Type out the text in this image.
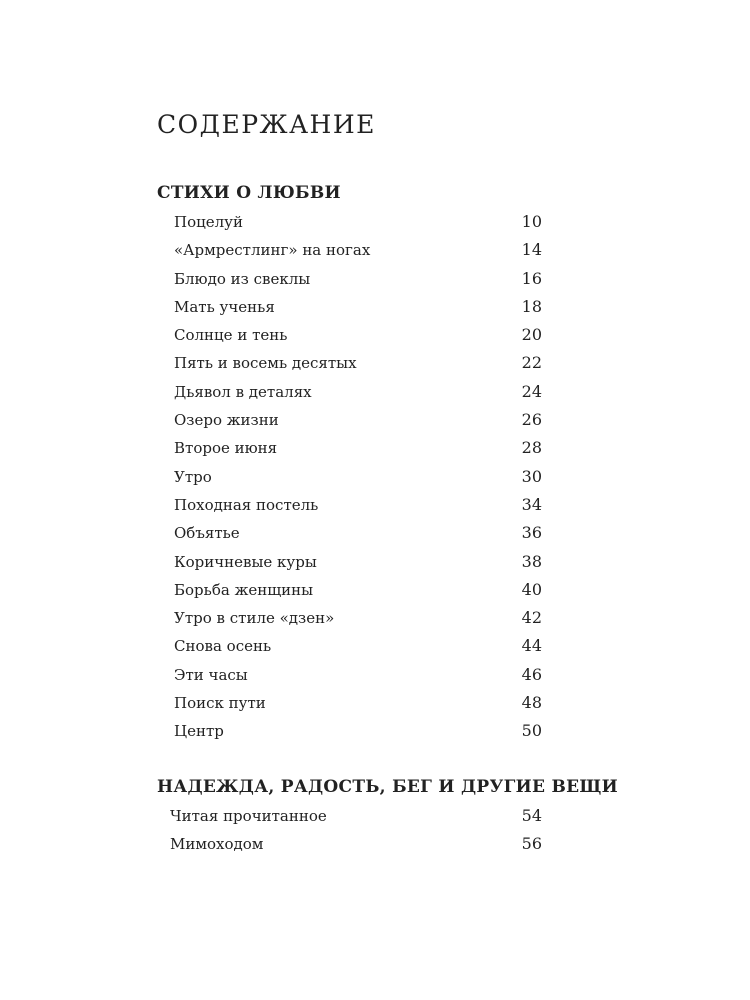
СОДЕРЖАНИЕ
СТИХИ О ЛЮБВИ
Поцелуй	10
«Армрестлинг» на ногах	14
Блюдо из свеклы	16
Мать ученья	18
Солнце и тень	20
Пять и восемь десятых	22
Дьявол в деталях	24
Озеро жизни	26
Второе июня	28
Утро	30
Походная постель	34
Объятье	36
Коричневые куры	38
Борьба женщины	40
Утро в стиле «дзен»	42
Снова осень	44
Эти часы	46
Поиск пути	48
Центр	50
НАДЕЖДА, РАДОСТЬ, БЕГ И ДРУГИЕ ВЕЩИ
Читая прочитанное	54
Мимоходом	56
